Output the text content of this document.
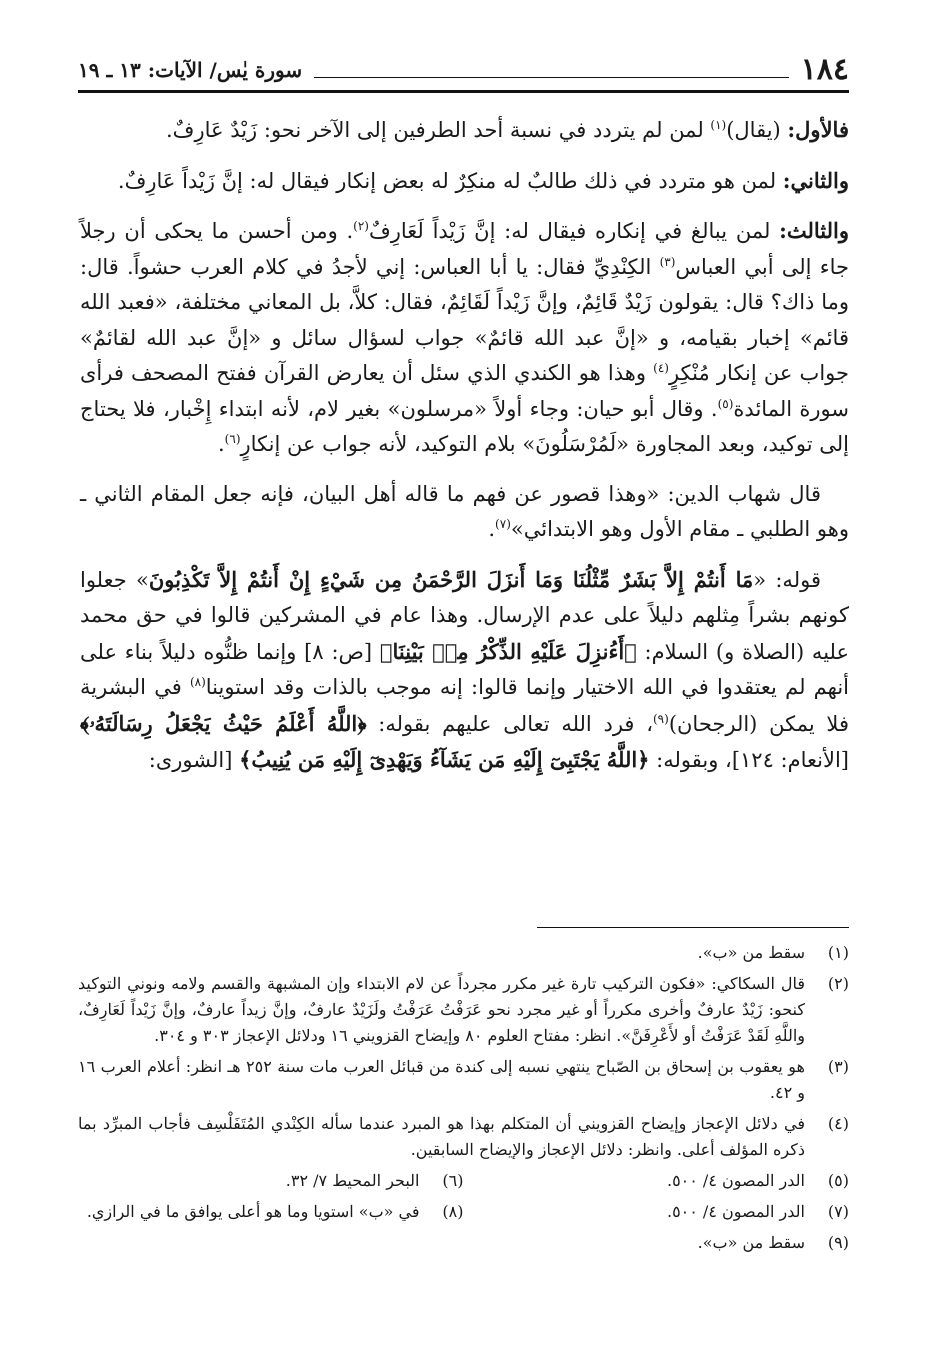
١٨٤
سورة يٰس/ الآيات: ١٣ ـ ١٩

فالأول: (يقال)$^{(١)}$ لمن لم يتردد في نسبة أحد الطرفين إلى الآخر نحو: زَيْدٌ عَارِفٌ.

والثاني: لمن هو متردد في ذلك طالبٌ له منكِرٌ له بعض إنكار فيقال له: إنَّ زَيْداً عَارِفٌ.

والثالث: لمن يبالغ في إنكاره فيقال له: إنَّ زَيْداً لَعَارِفٌ$^{(٢)}$. ومن أحسن ما يحكى أن رجلاً جاء إلى أبي العباس$^{(٣)}$ الكِنْدِيِّ فقال: يا أبا العباس: إني لأجدُ في كلام العرب حشواً. قال: وما ذاك؟ قال: يقولون زَيْدٌ قَائِمٌ، وإنَّ زَيْداً لَقَائِمٌ، فقال: كلاَّ، بل المعاني مختلفة، «فعبد الله قائم» إخبار بقيامه، و «إنَّ عبد الله قائمٌ» جواب لسؤال سائل و «إنَّ عبد الله لقائمٌ» جواب عن إنكار مُنْكِرٍ$^{(٤)}$ وهذا هو الكندي الذي سئل أن يعارض القرآن ففتح المصحف فرأى سورة المائدة$^{(٥)}$. وقال أبو حيان: وجاء أولاً «مرسلون» بغير لام، لأنه ابتداء إِخْبار، فلا يحتاج إلى توكيد، وبعد المجاورة «لَمُرْسَلُونَ» بلام التوكيد، لأنه جواب عن إنكارٍ$^{(٦)}$.

قال شهاب الدين: «وهذا قصور عن فهم ما قاله أهل البيان، فإنه جعل المقام الثاني ـ وهو الطلبي ـ مقام الأول وهو الابتدائي»$^{(٧)}$.

قوله: «مَا أَنتُمْ إِلاَّ بَشَرٌ مِّثْلُنَا وَمَا أَنزَلَ الرَّحْمَنُ مِن شَيْءٍ إِنْ أَنتُمْ إِلاَّ تَكْذِبُونَ» جعلوا كونهم بشراً مِثلهم دليلاً على عدم الإرسال. وهذا عام في المشركين قالوا في حق محمد عليه (الصلاة و) السلام: ﴿أَءُنزِلَ عَلَيْهِ الذِّكْرُ مِنۢ بَيْنِنَا﴾ [ص: ٨] وإنما ظنُّوه دليلاً بناء على أنهم لم يعتقدوا في الله الاختيار وإنما قالوا: إنه موجب بالذات وقد استوينا$^{(٨)}$ في البشرية فلا يمكن (الرجحان)$^{(٩)}$، فرد الله تعالى عليهم بقوله: ﴿اللَّهُ أَعْلَمُ حَيْثُ يَجْعَلُ رِسَالَتَهُۥ﴾ [الأنعام: ١٢٤]، وبقوله: ﴿اللَّهُ يَجْتَبِىٓ إِلَيْهِ مَن يَشَآءُ وَيَهْدِىٓ إِلَيْهِ مَن يُنِيبُ﴾ [الشورى:

(١)
سقط من «ب».
(٢)
قال السكاكي: «فكون التركيب تارة غير مكرر مجرداً عن لام الابتداء وإن المشبهة والقسم ولامه ونوني التوكيد كنحو: زَيْدٌ عارفٌ وأخرى مكرراً أو غير مجرد نحو عَرَفْتُ عَرَفْتُ ولَزَيْدٌ عارفٌ، وإنَّ زيداً عارفٌ، وإنَّ زَيْداً لَعَارِفٌ، واللَّهِ لَقَدْ عَرَفْتُ أو لأَعْرِفَنَّ». انظر: مفتاح العلوم ٨٠ وإيضاح القزويني ١٦ ودلائل الإعجاز ٣٠٣ و ٣٠٤.
(٣)
هو يعقوب بن إسحاق بن الصّباح ينتهي نسبه إلى كندة من قبائل العرب مات سنة ٢٥٢ هـ انظر: أعلام العرب ١٦ و ٤٢.
(٤)
في دلائل الإعجاز وإيضاح القزويني أن المتكلم بهذا هو المبرد عندما سأله الكِنْدي المُتَفَلْسِف فأجاب المبرِّد بما ذكره المؤلف أعلى. وانظر: دلائل الإعجاز والإيضاح السابقين.
(٥)
الدر المصون ٤/ ٥٠٠.
(٦)
البحر المحيط ٧/ ٣٢.
(٧)
الدر المصون ٤/ ٥٠٠.
(٨)
في «ب» استويا وما هو أعلى يوافق ما في الرازي.
(٩)
سقط من «ب».
